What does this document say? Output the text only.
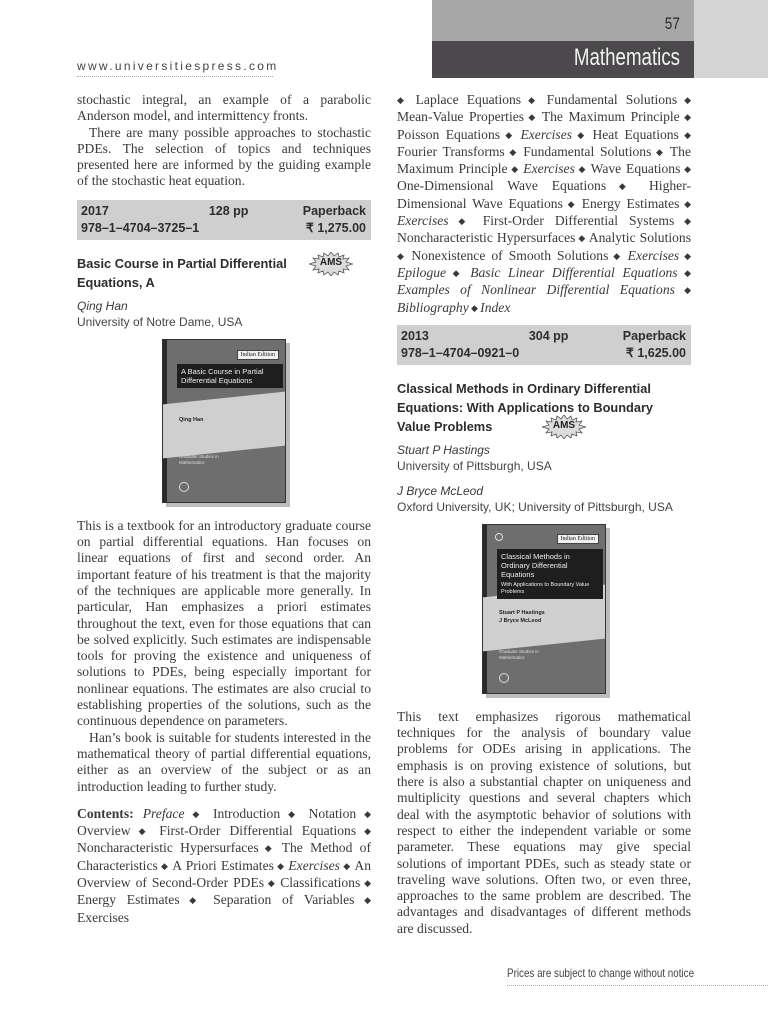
57
Mathematics
www.universitiespress.com

stochastic integral, an example of a parabolic Anderson model, and intermittency fronts.

There are many possible approaches to stochastic PDEs. The selection of topics and techniques presented here are informed by the guiding example of the stochastic heat equation.

2017	128 pp	Paperback
978–1–4704–3725–1	₹ 1,275.00

Basic Course in Partial Differential Equations, A

AMS

Qing Han

University of Notre Dame, USA

Indian Edition
A Basic Course in Partial Differential Equations
Qing Han
Graduate Studies in Mathematics

This is a textbook for an introductory graduate course on partial differential equations. Han focuses on linear equations of first and second order. An important feature of his treatment is that the majority of the techniques are applicable more generally. In particular, Han emphasizes a priori estimates throughout the text, even for those equations that can be solved explicitly. Such estimates are indispensable tools for proving the existence and uniqueness of solutions to PDEs, being especially important for nonlinear equations. The estimates are also crucial to establishing properties of the solutions, such as the continuous dependence on parameters.

Han’s book is suitable for students interested in the mathematical theory of partial differential equations, either as an overview of the subject or as an introduction leading to further study.

Contents: Preface ◆ Introduction ◆ Notation ◆ Overview ◆ First-Order Differential Equations ◆ Noncharacteristic Hypersurfaces ◆ The Method of Characteristics ◆ A Priori Estimates ◆ Exercises ◆ An Overview of Second-Order PDEs ◆ Classifications ◆ Energy Estimates ◆ Separation of Variables ◆ Exercises

◆ Laplace Equations ◆ Fundamental Solutions ◆ Mean-Value Properties ◆ The Maximum Principle ◆ Poisson Equations ◆ Exercises ◆ Heat Equations ◆ Fourier Transforms ◆ Fundamental Solutions ◆ The Maximum Principle ◆ Exercises ◆ Wave Equations ◆ One-Dimensional Wave Equations ◆ Higher-Dimensional Wave Equations ◆ Energy Estimates ◆ Exercises ◆ First-Order Differential Systems ◆ Noncharacteristic Hypersurfaces ◆ Analytic Solutions ◆ Nonexistence of Smooth Solutions ◆ Exercises ◆ Epilogue ◆ Basic Linear Differential Equations ◆ Examples of Nonlinear Differential Equations ◆ Bibliography ◆ Index

2013	304 pp	Paperback
978–1–4704–0921–0	₹ 1,625.00

Classical Methods in Ordinary Differential Equations: With Applications to Boundary Value Problems	AMS

Stuart P Hastings

University of Pittsburgh, USA

J Bryce McLeod

Oxford University, UK; University of Pittsburgh, USA

Indian Edition
Classical Methods in Ordinary Differential Equations
With Applications to Boundary Value Problems
Stuart P Hastings
J Bryce McLeod
Graduate Studies in Mathematics

This text emphasizes rigorous mathematical techniques for the analysis of boundary value problems for ODEs arising in applications. The emphasis is on proving existence of solutions, but there is also a substantial chapter on uniqueness and multiplicity questions and several chapters which deal with the asymptotic behavior of solutions with respect to either the independent variable or some parameter. These equations may give special solutions of important PDEs, such as steady state or traveling wave solutions. Often two, or even three, approaches to the same problem are described. The advantages and disadvantages of different methods are discussed.

Prices are subject to change without notice
